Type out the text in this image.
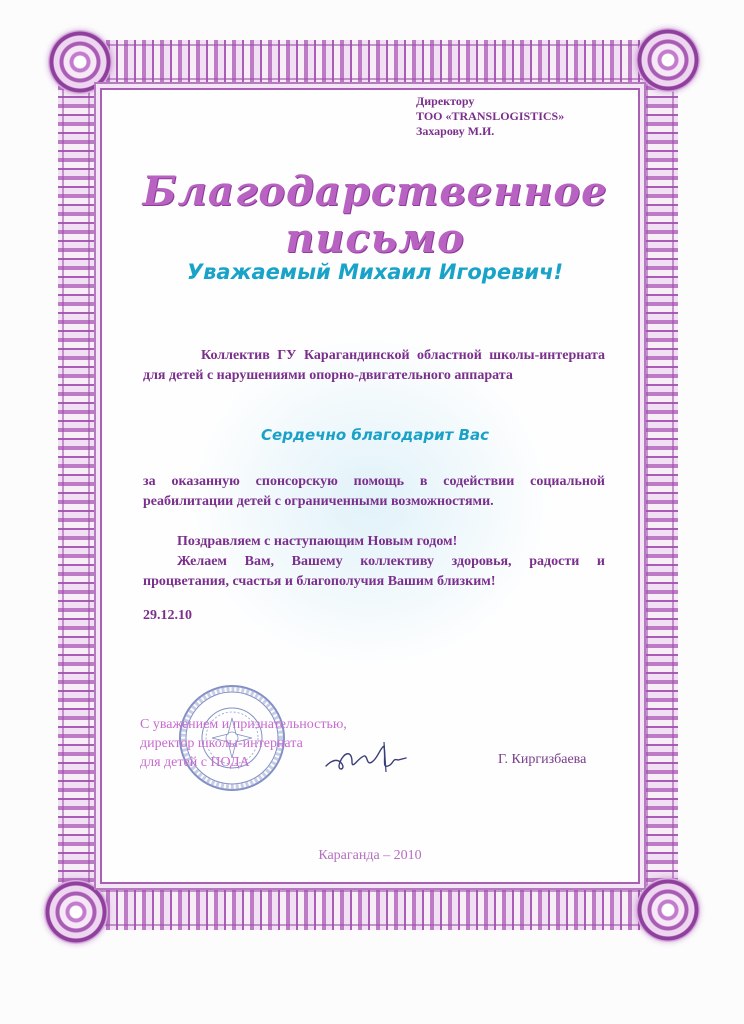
Директору
ТОО «TRANSLOGISTICS»
Захарову М.И.
Благодарственное письмо
Уважаемый Михаил Игоревич!
Коллектив ГУ Карагандинской областной школы-интерната для детей с нарушениями опорно-двигательного аппарата
Сердечно благодарит Вас
за оказанную спонсорскую помощь в содействии социальной реабилитации детей с ограниченными возможностями.
Поздравляем с наступающим Новым годом!
Желаем Вам, Вашему коллективу здоровья, радости и процветания, счастья и благополучия Вашим близким!
29.12.10
С уважением и признательностью,
директор школы-интерната
для детей с ПОДА	Г. Киргизбаева
Караганда – 2010
